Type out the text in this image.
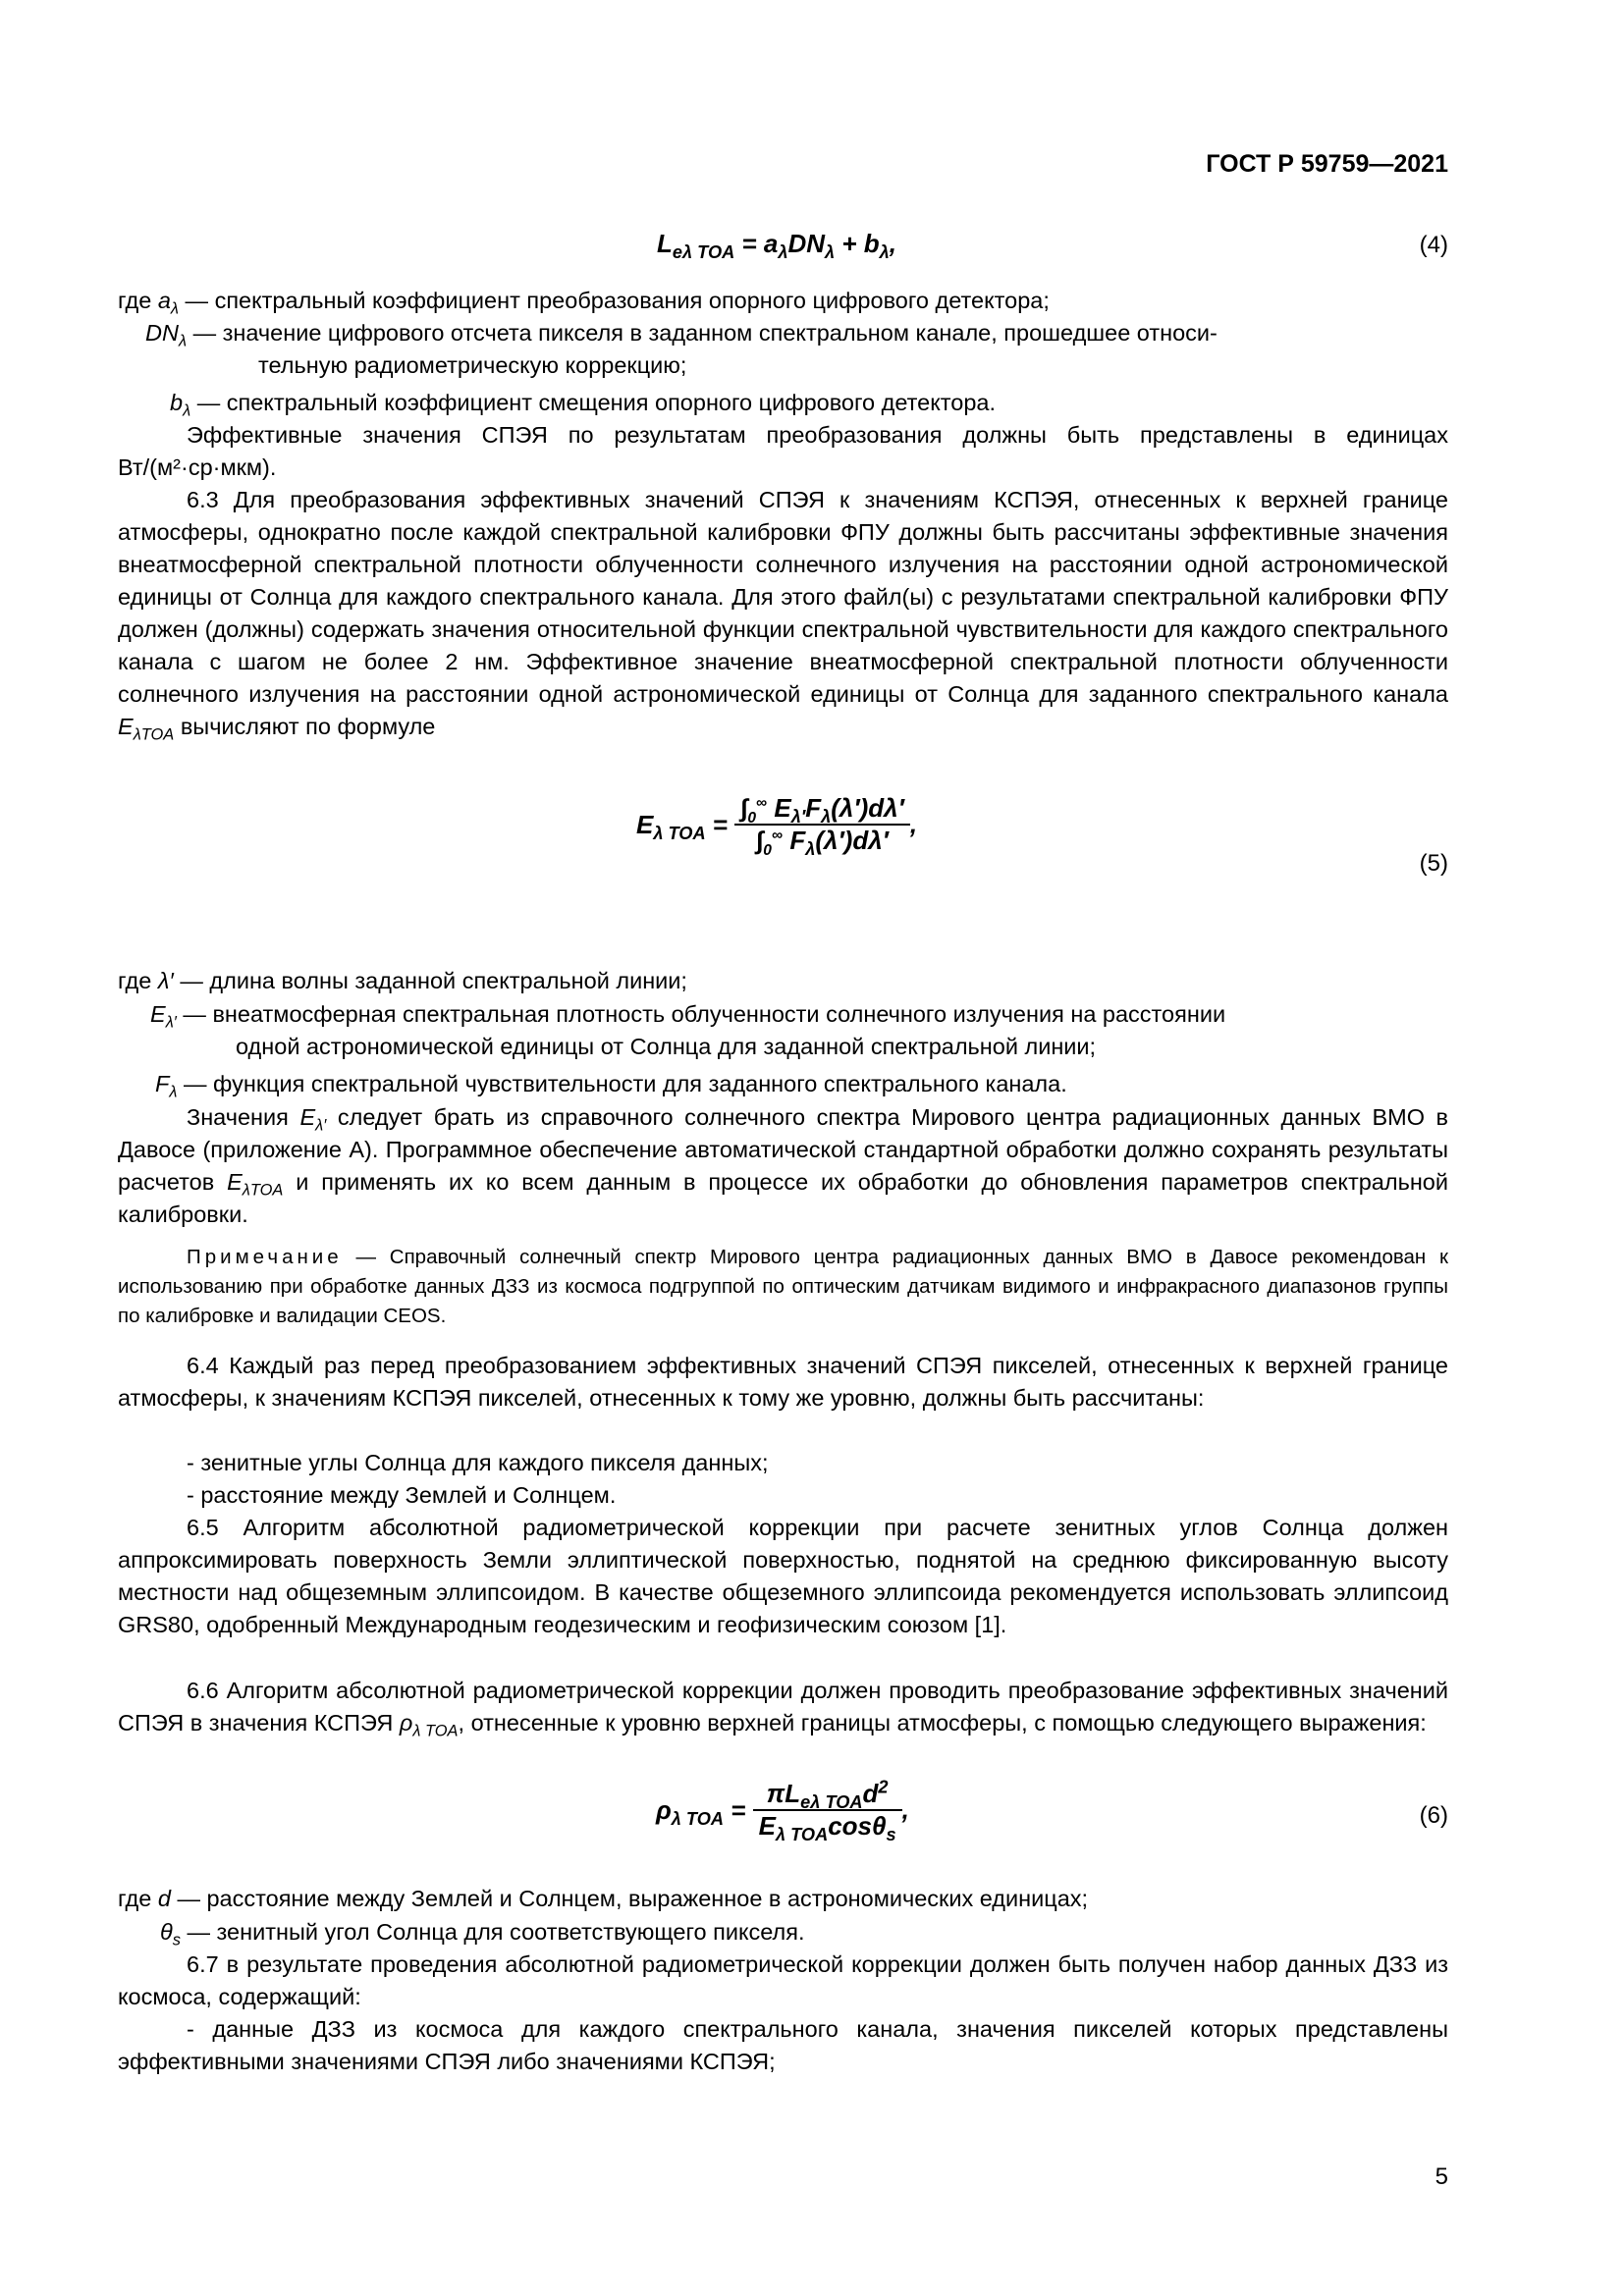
ГОСТ Р 59759—2021
$L_{e\lambda TOA} = a_\lambda DN_\lambda + b_\lambda$,	(4)
где $a_\lambda$ — спектральный коэффициент преобразования опорного цифрового детектора;
$DN_\lambda$ — значение цифрового отсчета пикселя в заданном спектральном канале, прошедшее относи-
тельную радиометрическую коррекцию;
$b_\lambda$ — спектральный коэффициент смещения опорного цифрового детектора.
Эффективные значения СПЭЯ по результатам преобразования должны быть представлены в единицах Вт/(м²·ср·мкм).
6.3 Для преобразования эффективных значений СПЭЯ к значениям КСПЭЯ, отнесенных к верхней границе атмосферы, однократно после каждой спектральной калибровки ФПУ должны быть рассчитаны эффективные значения внеатмосферной спектральной плотности облученности солнечного излучения на расстоянии одной астрономической единицы от Солнца для каждого спектрального канала. Для этого файл(ы) с результатами спектральной калибровки ФПУ должен (должны) содержать значения относительной функции спектральной чувствительности для каждого спектрального канала с шагом не более 2 нм. Эффективное значение внеатмосферной спектральной плотности облученности солнечного излучения на расстоянии одной астрономической единицы от Солнца для заданного спектрального канала $E_{\lambda TOA}$ вычисляют по формуле
$E_{\lambda TOA} = \frac{\int_0^\infty E_{\lambda'}F_\lambda(\lambda')d\lambda'}{\int_0^\infty F_\lambda(\lambda')d\lambda'}$ ,
(5)
где λ′ — длина волны заданной спектральной линии;
$E_{\lambda'}$ — внеатмосферная спектральная плотность облученности солнечного излучения на расстоянии
одной астрономической единицы от Солнца для заданной спектральной линии;
$F_\lambda$ — функция спектральной чувствительности для заданного спектрального канала.
Значения $E_{\lambda'}$ следует брать из справочного солнечного спектра Мирового центра радиационных данных ВМО в Давосе (приложение А). Программное обеспечение автоматической стандартной обработки должно сохранять результаты расчетов $E_{\lambda TOA}$ и применять их ко всем данным в процессе их обработки до обновления параметров спектральной калибровки.
Примечание — Справочный солнечный спектр Мирового центра радиационных данных ВМО в Давосе рекомендован к использованию при обработке данных ДЗЗ из космоса подгруппой по оптическим датчикам видимого и инфракрасного диапазонов группы по калибровке и валидации CEOS.
6.4 Каждый раз перед преобразованием эффективных значений СПЭЯ пикселей, отнесенных к верхней границе атмосферы, к значениям КСПЭЯ пикселей, отнесенных к тому же уровню, должны быть рассчитаны:
- зенитные углы Солнца для каждого пикселя данных;
- расстояние между Землей и Солнцем.
6.5 Алгоритм абсолютной радиометрической коррекции при расчете зенитных углов Солнца должен аппроксимировать поверхность Земли эллиптической поверхностью, поднятой на среднюю фиксированную высоту местности над общеземным эллипсоидом. В качестве общеземного эллипсоида рекомендуется использовать эллипсоид GRS80, одобренный Международным геодезическим и геофизическим союзом [1].
6.6 Алгоритм абсолютной радиометрической коррекции должен проводить преобразование эффективных значений СПЭЯ в значения КСПЭЯ $\rho_{\lambda TOA}$, отнесенные к уровню верхней границы атмосферы, с помощью следующего выражения:
$\rho_{\lambda TOA} = \frac{\pi L_{e\lambda TOA}d^2}{E_{\lambda TOA}\cos\theta_s}$ ,	(6)
где d — расстояние между Землей и Солнцем, выраженное в астрономических единицах;
$\theta_s$ — зенитный угол Солнца для соответствующего пикселя.
6.7 в результате проведения абсолютной радиометрической коррекции должен быть получен набор данных ДЗЗ из космоса, содержащий:
- данные ДЗЗ из космоса для каждого спектрального канала, значения пикселей которых представлены эффективными значениями СПЭЯ либо значениями КСПЭЯ;
5
